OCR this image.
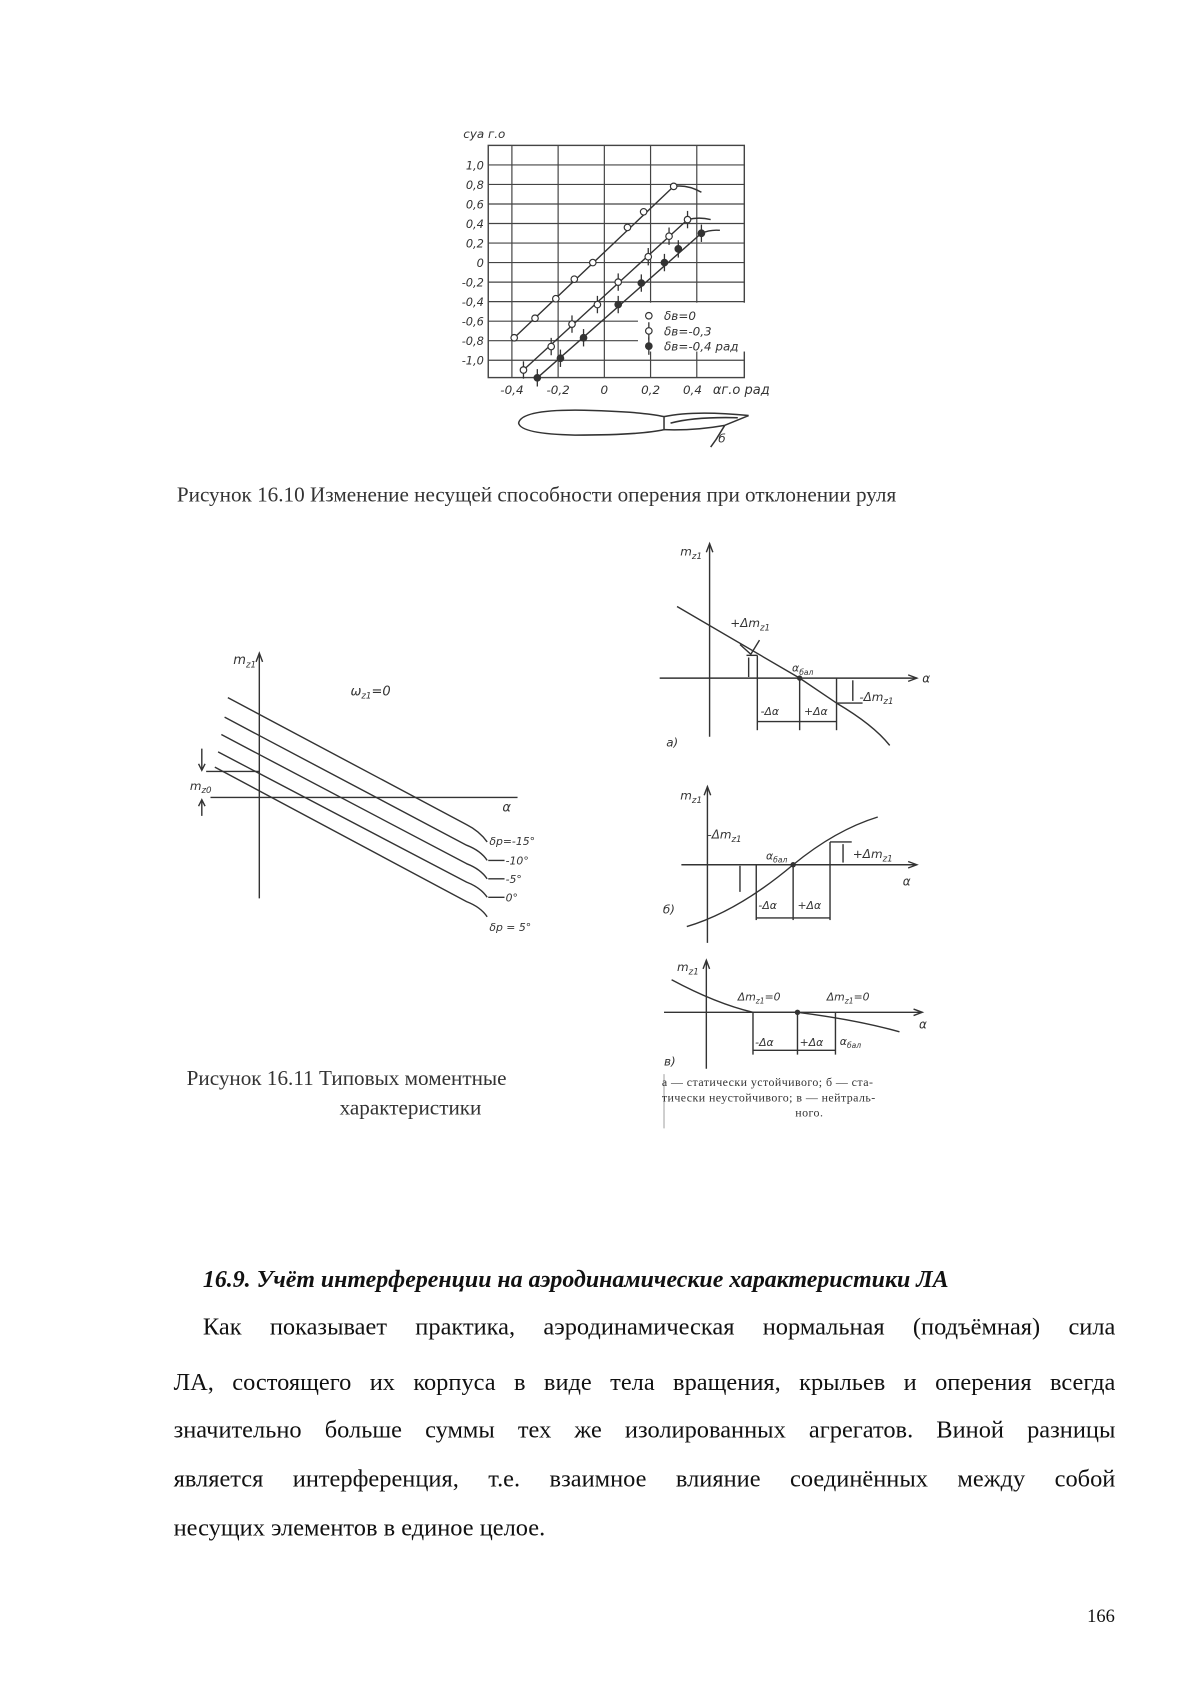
-0,4 -0,2	0	0,2 0,4
1,0
0,8
0,6
0,4
0,2
0
-0,2
-0,4
-0,6
-0,8
-1,0
cya г.о
αг.о рад
δв=0
δв=-0,3
δв=-0,4 рад
б
Рисунок 16.10 Изменение несущей способности оперения при отклонении руля
mz1
ωz1=0
mz0
α
δр=-15°
-10°
-5°
0°
δр = 5°
Рисунок 16.11 Типовых моментные
характеристики
mz1
+Δmz1
αбал	α
-Δmz1
-Δα +Δα
а)
mz1
-Δmz1
αбал	+Δmz1
α
-Δα +Δα
б)
mz1
Δmz1=0	Δmz1=0
α
αбал
-Δα	+Δα
в)
а — статически устойчивого; б — ста-
тически неустойчивого; в — нейтраль-
ного.
16.9. Учёт интерференции на аэродинамические характеристики ЛА
Как показывает практика, аэродинамическая нормальная (подъёмная) сила
ЛА, состоящего их корпуса в виде тела вращения, крыльев и оперения всегда
значительно больше суммы тех же изолированных агрегатов. Виной разницы
является интерференция, т.е. взаимное влияние соединённых между собой
несущих элементов в единое целое.
166
